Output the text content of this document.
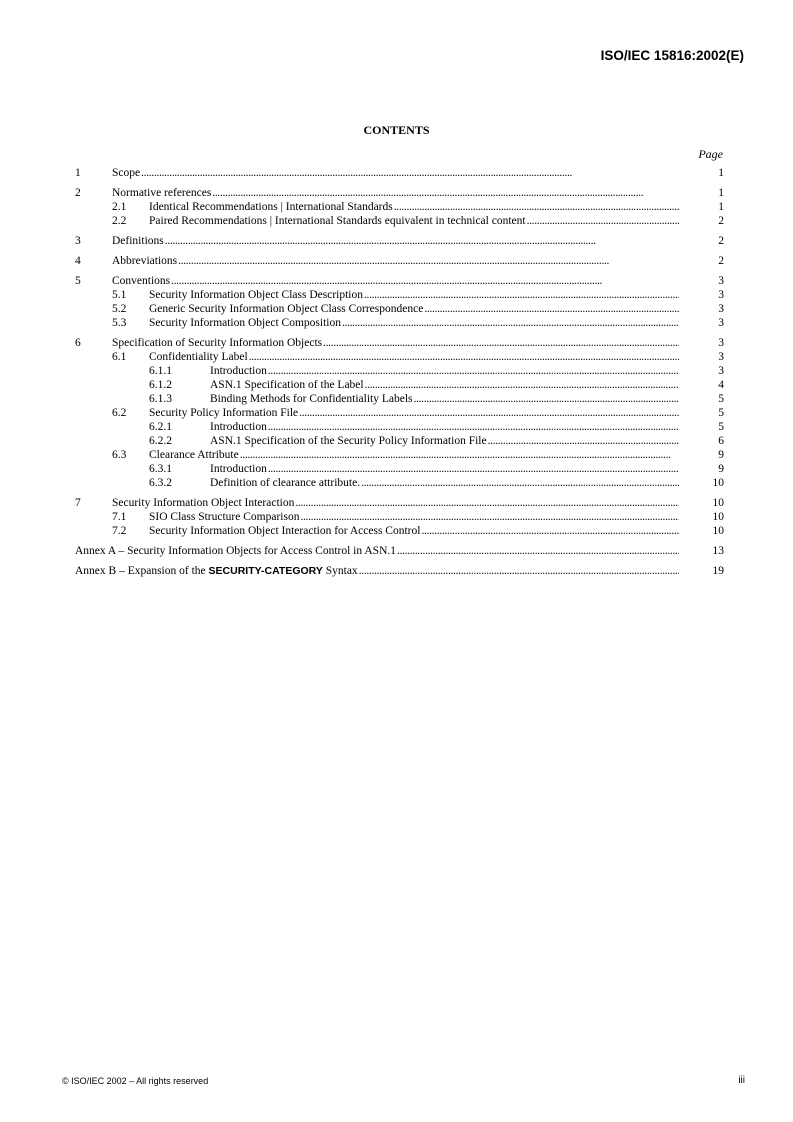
ISO/IEC 15816:2002(E)
CONTENTS
Page
1	Scope . . .	1
2	Normative references . . .	1
2.1 Identical Recommendations | International Standards . . .	1
2.2 Paired Recommendations | International Standards equivalent in technical content . . .	2
3	Definitions . . .	2
4	Abbreviations . . .	2
5	Conventions . . .	3
5.1 Security Information Object Class Description . . .	3
5.2 Generic Security Information Object Class Correspondence . . .	3
5.3 Security Information Object Composition . . .	3
6	Specification of Security Information Objects . . .	3
6.1 Confidentiality Label . . .	3
6.1.1	Introduction . . .	3
6.1.2	ASN.1 Specification of the Label . . .	4
6.1.3	Binding Methods for Confidentiality Labels . . .	5
6.2 Security Policy Information File . . .	5
6.2.1	Introduction . . .	5
6.2.2	ASN.1 Specification of the Security Policy Information File . . .	6
6.3 Clearance Attribute . . .	9
6.3.1	Introduction . . .	9
6.3.2	Definition of clearance attribute. . . .	10
7	Security Information Object Interaction . . .	10
7.1 SIO Class Structure Comparison . . .	10
7.2 Security Information Object Interaction for Access Control . . .	10
Annex A – Security Information Objects for Access Control in ASN.1 . . .	13
Annex B – Expansion of the SECURITY-CATEGORY Syntax . . .	19
© ISO/IEC 2002 – All rights reserved	iii
